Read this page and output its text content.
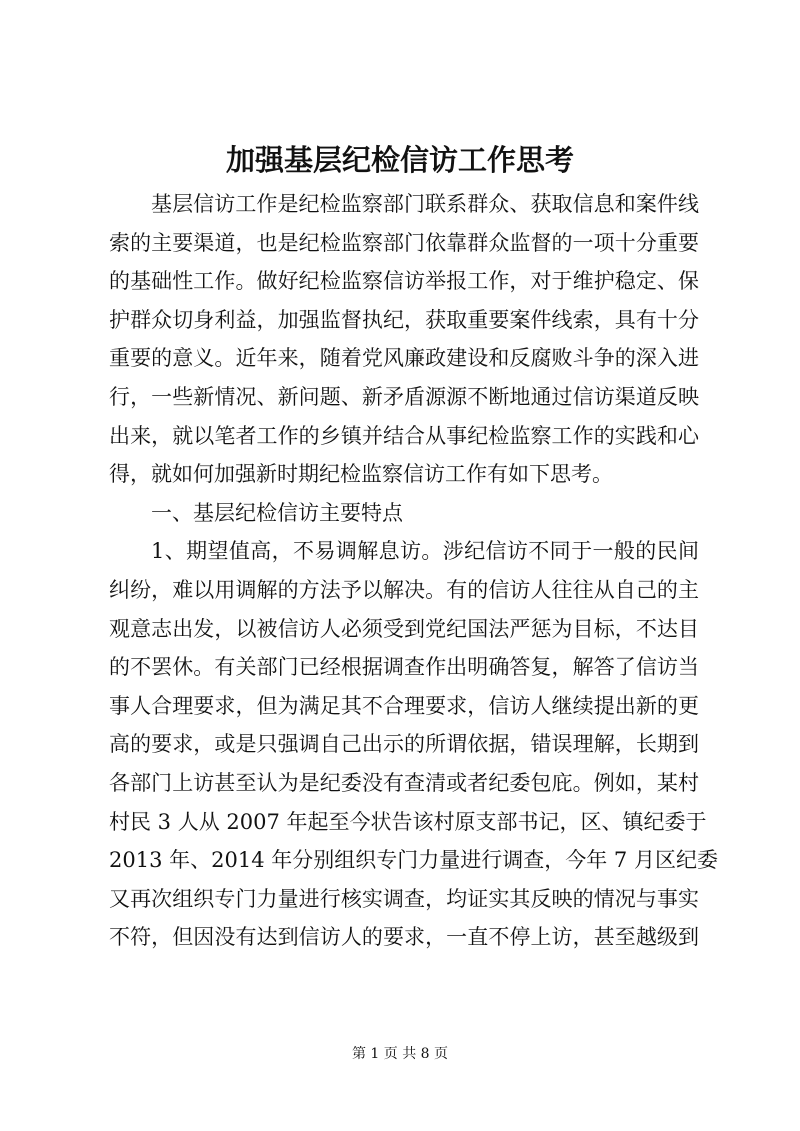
加强基层纪检信访工作思考
基层信访工作是纪检监察部门联系群众、获取信息和案件线
索的主要渠道，也是纪检监察部门依靠群众监督的一项十分重要
的基础性工作。做好纪检监察信访举报工作，对于维护稳定、保
护群众切身利益，加强监督执纪，获取重要案件线索，具有十分
重要的意义。近年来，随着党风廉政建设和反腐败斗争的深入进
行，一些新情况、新问题、新矛盾源源不断地通过信访渠道反映
出来，就以笔者工作的乡镇并结合从事纪检监察工作的实践和心
得，就如何加强新时期纪检监察信访工作有如下思考。
一、基层纪检信访主要特点
1、期望值高，不易调解息访。涉纪信访不同于一般的民间
纠纷，难以用调解的方法予以解决。有的信访人往往从自己的主
观意志出发，以被信访人必须受到党纪国法严惩为目标，不达目
的不罢休。有关部门已经根据调查作出明确答复，解答了信访当
事人合理要求，但为满足其不合理要求，信访人继续提出新的更
高的要求，或是只强调自己出示的所谓依据，错误理解，长期到
各部门上访甚至认为是纪委没有查清或者纪委包庇。例如，某村
村民 3 人从 2007 年起至今状告该村原支部书记，区、镇纪委于
2013 年、2014 年分别组织专门力量进行调查，今年 7 月区纪委
又再次组织专门力量进行核实调查，均证实其反映的情况与事实
不符，但因没有达到信访人的要求，一直不停上访，甚至越级到
第 1 页 共 8 页
